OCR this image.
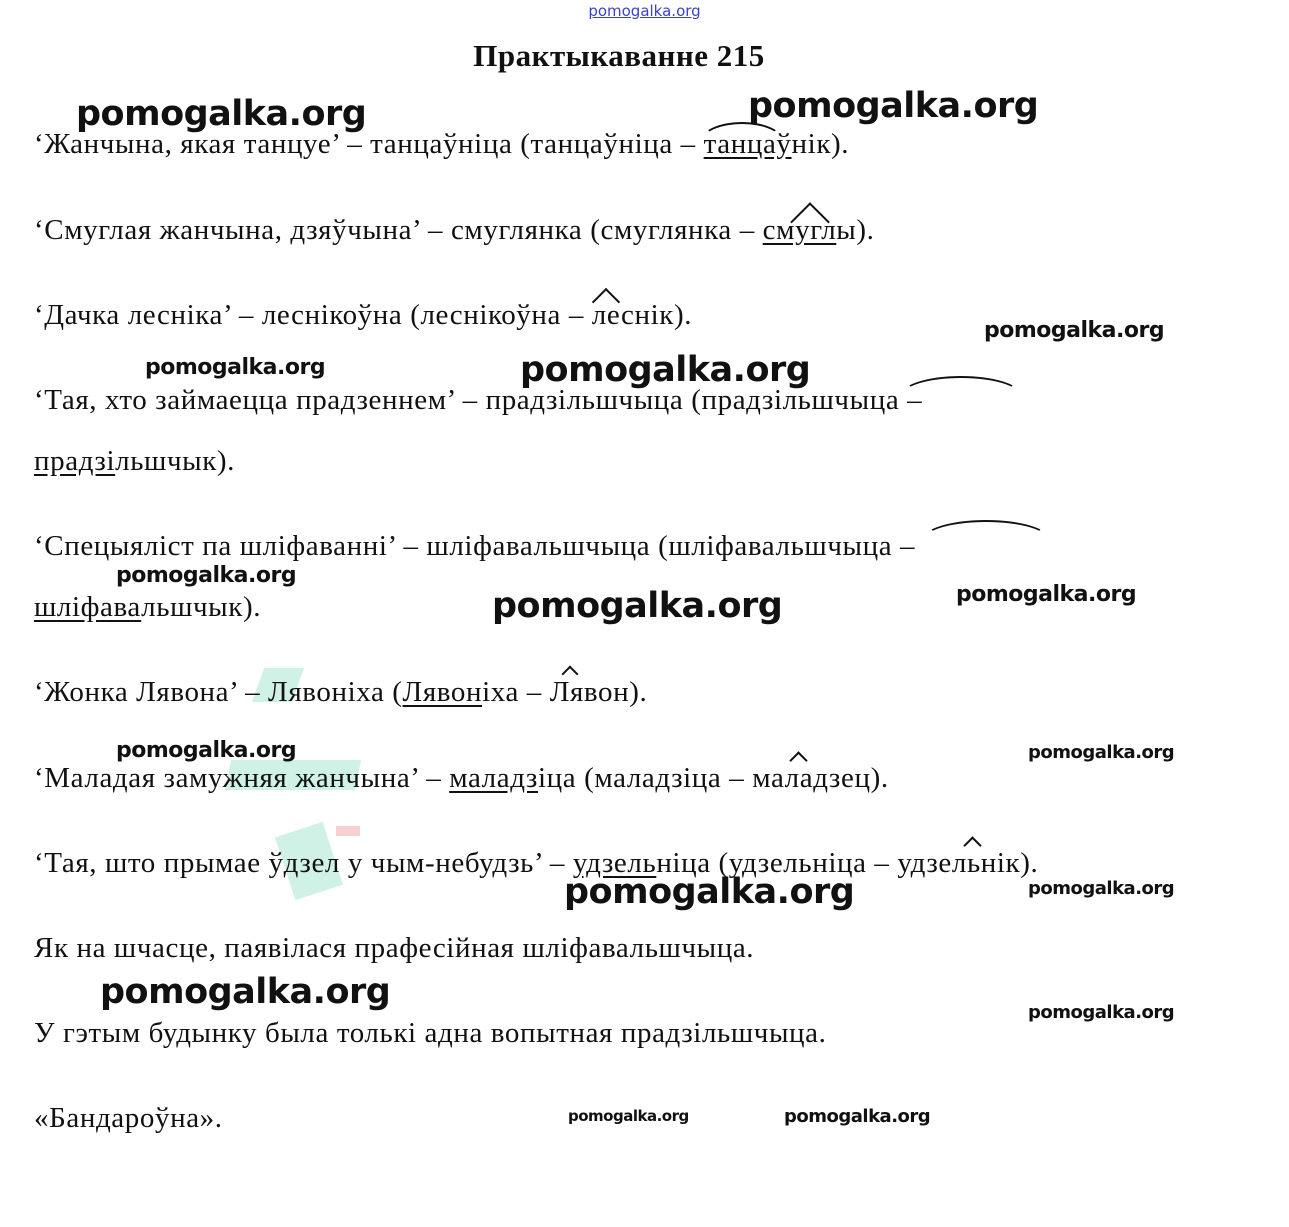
pomogalka.org
Практыкаванне 215
‘Жанчына, якая танцуе’ – танцаўніца (танцаўніца – танцаўнік).
‘Смуглая жанчына, дзяўчына’ – смуглянка (смуглянка – смуглы).
‘Дачка лесніка’ – леснікоўна (леснікоўна – леснік).
‘Тая, хто займаецца прадзеннем’ – прадзільшчыца (прадзільшчыца –
прадзільшчык).
‘Спецыяліст па шліфаванні’ – шліфавальшчыца (шліфавальшчыца –
шліфавальшчык).
‘Жонка Лявона’ – Лявоніха (Лявоніха – Лявон).
‘Маладая замужняя жанчына’ – маладзіца (маладзіца – маладзец).
‘Тая, што прымае ўдзел у чым-небудзь’ – удзельніца (удзельніца – удзельнік).
Як на шчасце, паявілася прафесійная шліфавальшчыца.
У гэтым будынку была толькі адна вопытная прадзільшчыца.
«Бандароўна».
pomogalka.org	pomogalka.org
pomogalka.org
pomogalka.org	pomogalka.org
pomogalka.org
pomogalka.org	pomogalka.org
pomogalka.org	pomogalka.org
pomogalka.org	pomogalka.org
pomogalka.org
pomogalka.org
pomogalka.org	pomogalka.org
